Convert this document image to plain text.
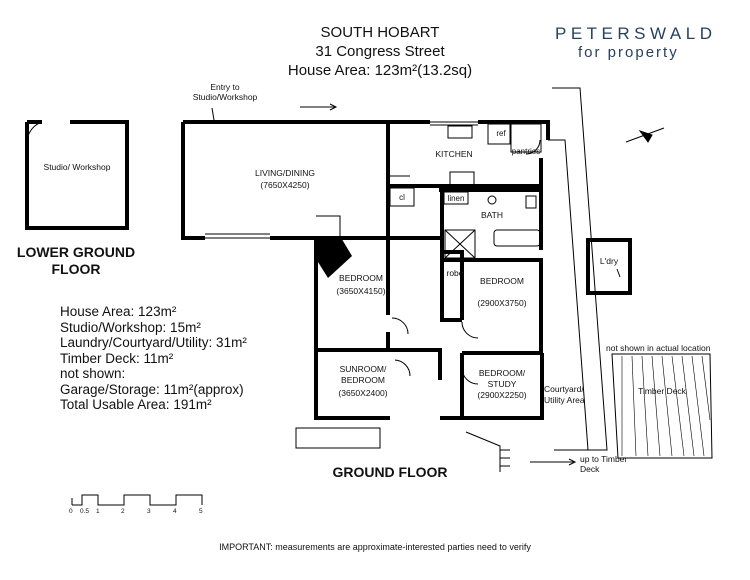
SOUTH HOBART
31 Congress Street
House Area: 123m²(13.2sq)
PETERSWALD
for property
Studio/ Workshop
Entry to Studio/Workshop
LIVING/DINING
(7650X4250)
KITCHEN
ref
pantries
cl	linen
BATH
BEDROOM
(3650X4150)
robe
BEDROOM
(2900X3750)
SUNROOM/ BEDROOM
(3650X2400)
BEDROOM/ STUDY
(2900X2250)
L'dry
Courtyard/ Utility Area
Timber Deck
not shown in actual location
up to Timber Deck
LOWER GROUND FLOOR
GROUND FLOOR
House Area: 123m²
Studio/Workshop: 15m²
Laundry/Courtyard/Utility: 31m²
Timber Deck: 11m²
not shown:
Garage/Storage: 11m²(approx)
Total Usable Area: 191m²
0 0.5 1	2	3	4	5
IMPORTANT: measurements are approximate-interested parties need to verify
